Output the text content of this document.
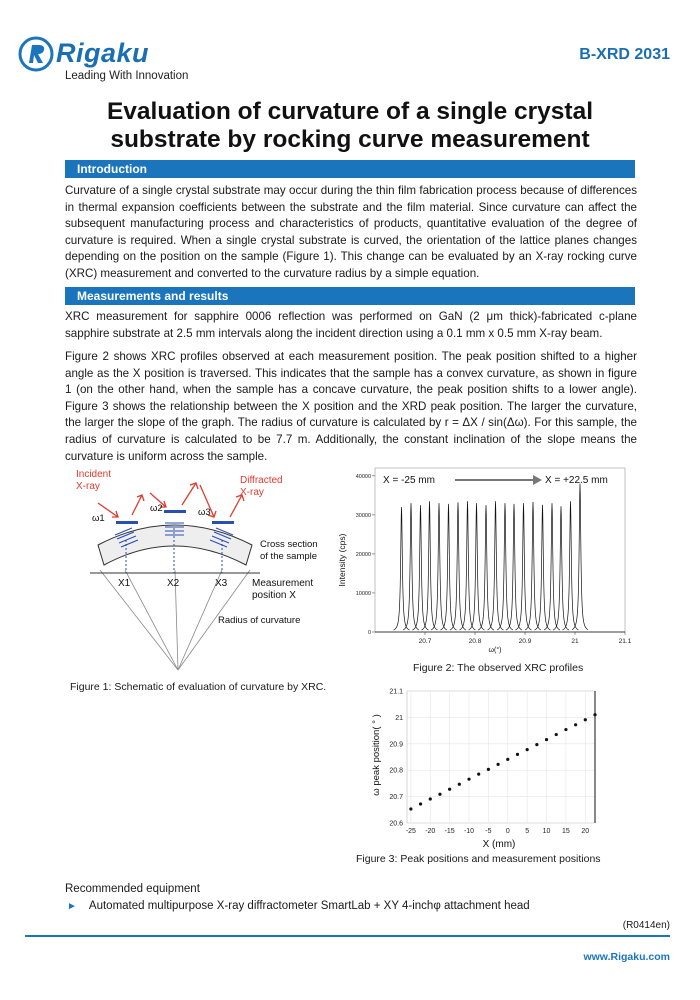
Rigaku
Leading With Innovation
B-XRD 2031
Evaluation of curvature of a single crystal
substrate by rocking curve measurement
Introduction
Curvature of a single crystal substrate may occur during the thin film fabrication process because of differences in thermal expansion coefficients between the substrate and the film material. Since curvature can affect the subsequent manufacturing process and characteristics of products, quantitative evaluation of the degree of curvature is required. When a single crystal substrate is curved, the orientation of the lattice planes changes depending on the position on the sample (Figure 1). This change can be evaluated by an X-ray rocking curve (XRC) measurement and converted to the curvature radius by a simple equation.
Measurements and results
XRC measurement for sapphire 0006 reflection was performed on GaN (2 μm thick)-fabricated c-plane sapphire substrate at 2.5 mm intervals along the incident direction using a 0.1 mm x 0.5 mm X-ray beam.
Figure 2 shows XRC profiles observed at each measurement position. The peak position shifted to a higher angle as the X position is traversed. This indicates that the sample has a convex curvature, as shown in figure 1 (on the other hand, when the sample has a concave curvature, the peak position shifts to a lower angle). Figure 3 shows the relationship between the X position and the XRD peak position. The larger the curvature, the larger the slope of the graph. The radius of curvature is calculated by r = ΔX / sin(Δω). For this sample, the radius of curvature is calculated to be 7.7 m. Additionally, the constant inclination of the slope means the curvature is uniform across the sample.
Incident
X-ray
Diffracted
X-ray
ω1
ω2	ω3
Cross section
of the sample
X1	X2	X3 Measurement
position X
Radius of curvature
Figure 1: Schematic of evaluation of curvature by XRC.
Intensity (cps)
ω(°)
X = -25 mm	X = +22.5 mm
0
10000
20000
30000
40000
20.7	20.8	20.9	21	21.1
Figure 2: The observed XRC profiles
ω peak position( ° )
X (mm)
-25 -20 -15 -10 -5 0 5 10 15 20
20.6
20.7
20.8
20.9
21
21.1
Figure 3: Peak positions and measurement positions
Recommended equipment
► Automated multipurpose X-ray diffractometer SmartLab + XY 4-inchφ attachment head
(R0414en)
www.Rigaku.com
